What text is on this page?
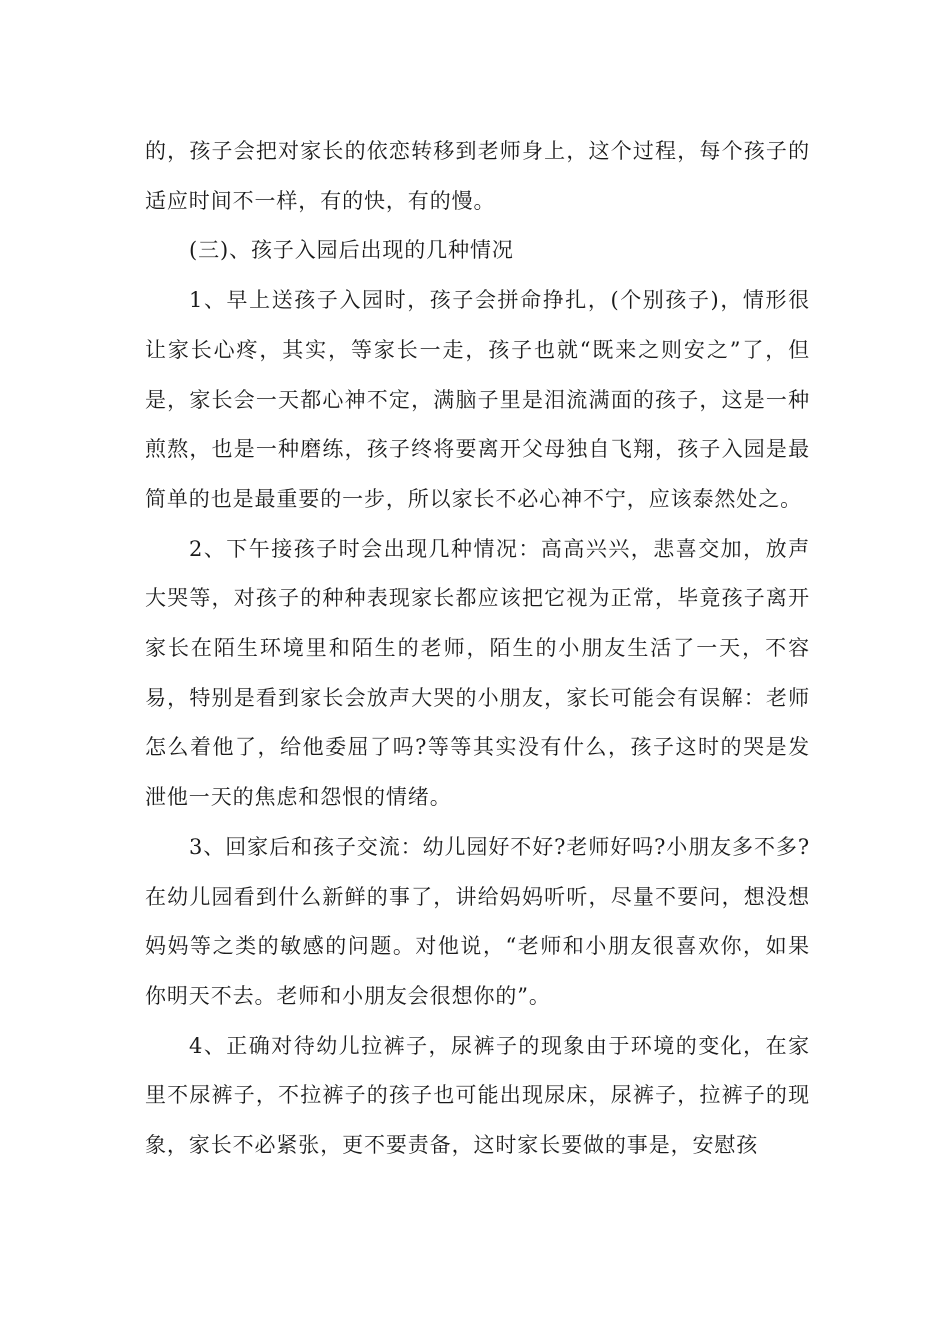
的，孩子会把对家长的依恋转移到老师身上，这个过程，每个孩子的适应时间不一样，有的快，有的慢。

(三)、孩子入园后出现的几种情况

1、早上送孩子入园时，孩子会拼命挣扎，(个别孩子)，情形很让家长心疼，其实，等家长一走，孩子也就“既来之则安之”了，但是，家长会一天都心神不定，满脑子里是泪流满面的孩子，这是一种煎熬，也是一种磨练，孩子终将要离开父母独自飞翔，孩子入园是最简单的也是最重要的一步，所以家长不必心神不宁，应该泰然处之。

2、下午接孩子时会出现几种情况：高高兴兴，悲喜交加，放声大哭等，对孩子的种种表现家长都应该把它视为正常，毕竟孩子离开家长在陌生环境里和陌生的老师，陌生的小朋友生活了一天，不容易，特别是看到家长会放声大哭的小朋友，家长可能会有误解：老师怎么着他了，给他委屈了吗?等等其实没有什么，孩子这时的哭是发泄他一天的焦虑和怨恨的情绪。

3、回家后和孩子交流：幼儿园好不好?老师好吗?小朋友多不多?在幼儿园看到什么新鲜的事了，讲给妈妈听听，尽量不要问，想没想妈妈等之类的敏感的问题。对他说，“老师和小朋友很喜欢你，如果你明天不去。老师和小朋友会很想你的”。

4、正确对待幼儿拉裤子，尿裤子的现象由于环境的变化，在家里不尿裤子，不拉裤子的孩子也可能出现尿床，尿裤子，拉裤子的现象，家长不必紧张，更不要责备，这时家长要做的事是，安慰孩
